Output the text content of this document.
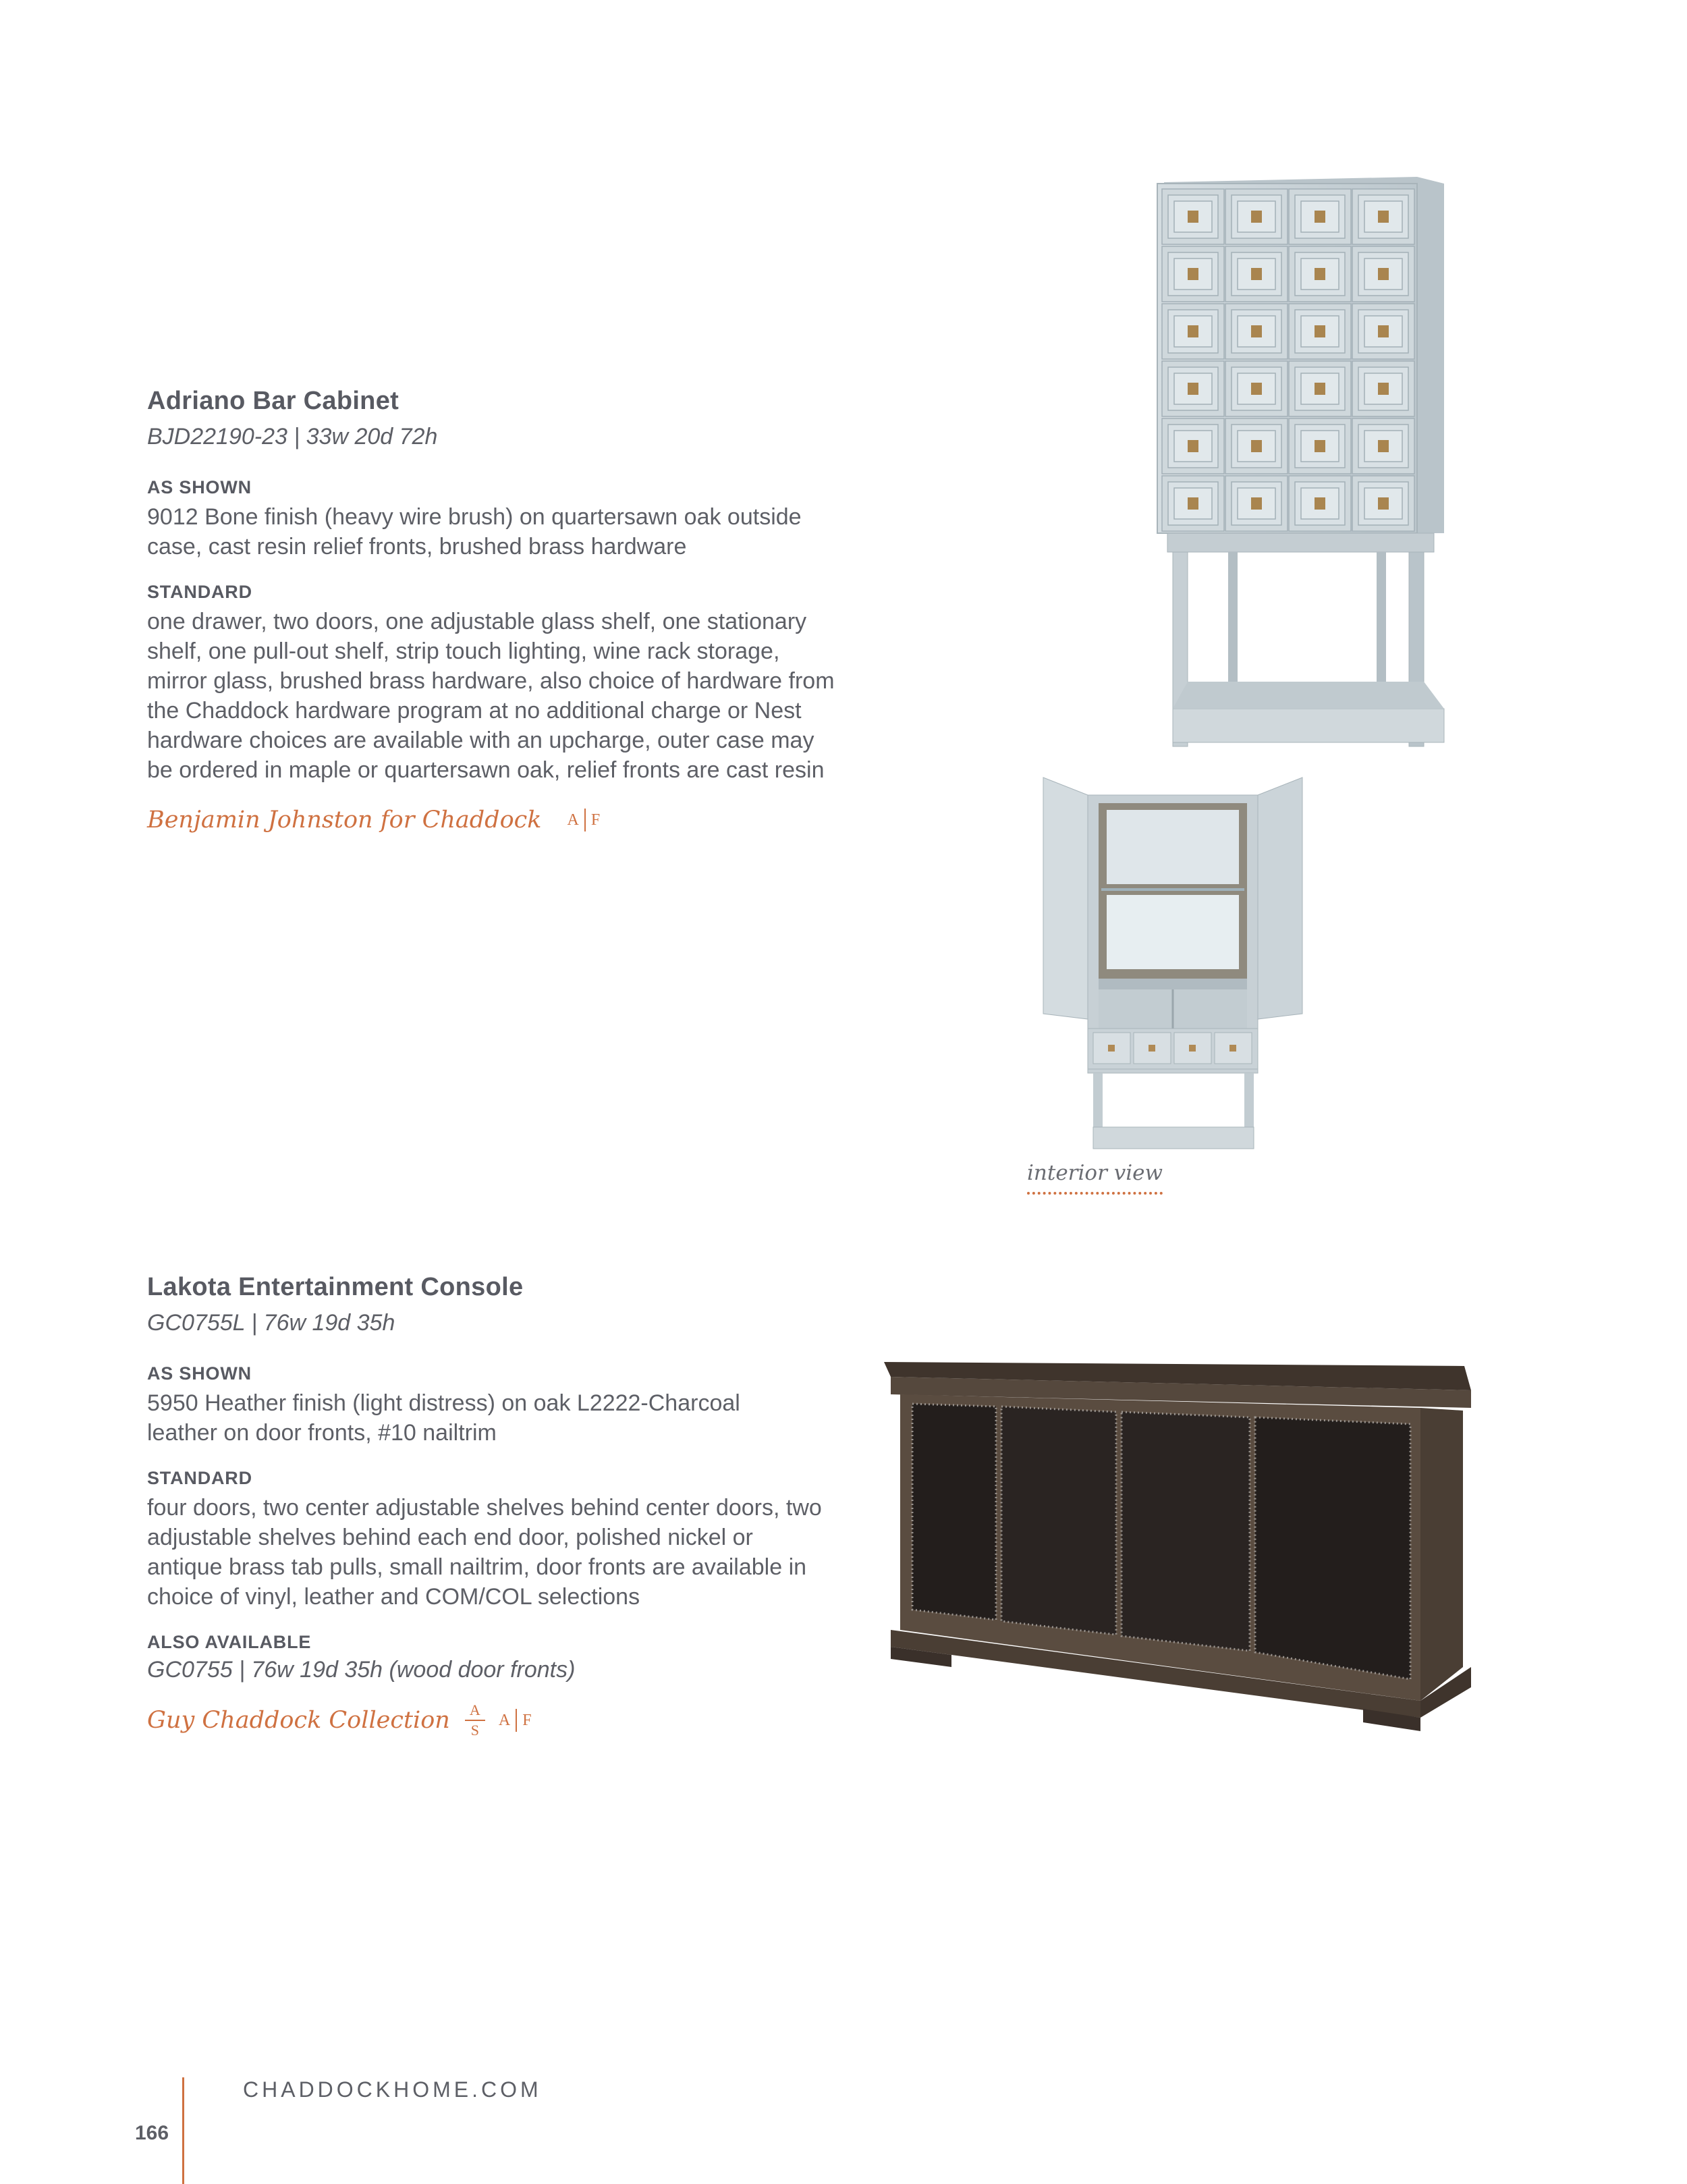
Adriano Bar Cabinet
BJD22190-23 | 33w 20d 72h
AS SHOWN

9012 Bone finish (heavy wire brush) on quartersawn oak outside case, cast resin relief fronts, brushed brass hardware

STANDARD

one drawer, two doors, one adjustable glass shelf, one stationary shelf, one pull-out shelf, strip touch lighting, wine rack storage, mirror glass, brushed brass hardware, also choice of hardware from the Chaddock hardware program at no additional charge or Nest hardware choices are available with an upcharge, outer case may be ordered in maple or quartersawn oak, relief fronts are cast resin

Benjamin Johnston for Chaddock A F
interior view
Lakota Entertainment Console
GC0755L | 76w 19d 35h
AS SHOWN

5950 Heather finish (light distress) on oak L2222-Charcoal leather on door fronts, #10 nailtrim

STANDARD

four doors, two center adjustable shelves behind center doors, two adjustable shelves behind each end door, polished nickel or antique brass tab pulls, small nailtrim, door fronts are available in choice of vinyl, leather and COM/COL selections

ALSO AVAILABLE
GC0755 | 76w 19d 35h (wood door fronts)
Guy Chaddock Collection $\frac{A}{S}$ A F
CHADDOCKHOME.COM
166
